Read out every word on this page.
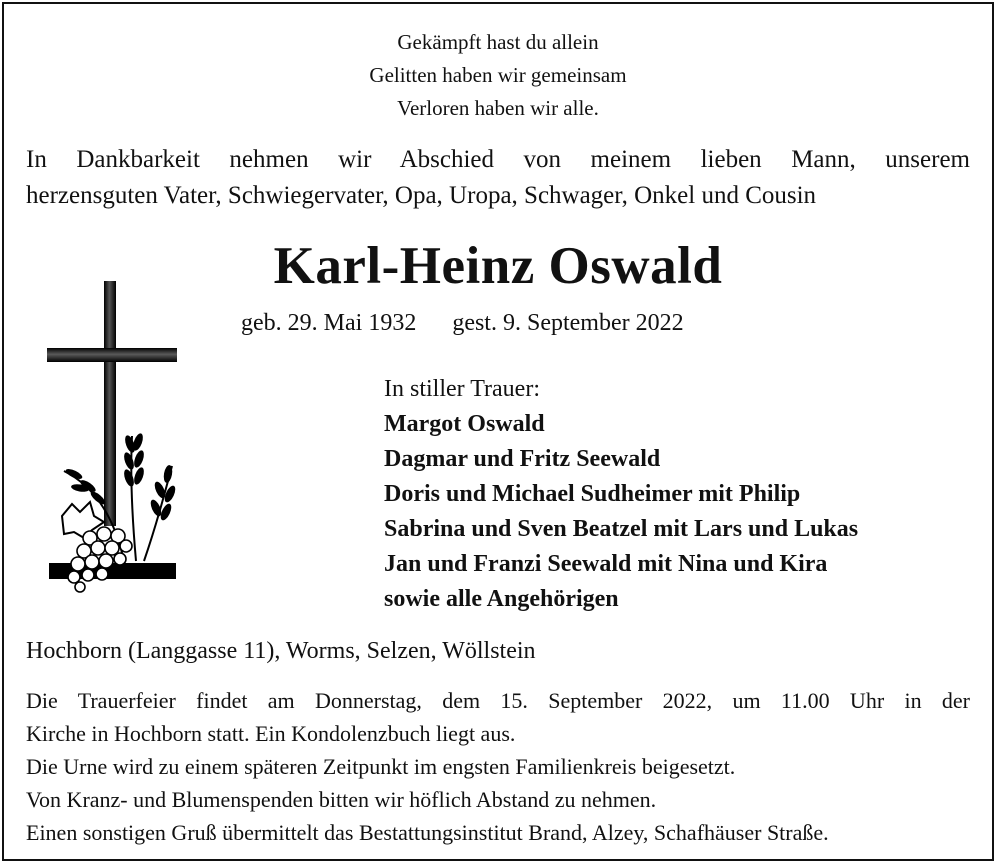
Gekämpft hast du allein
Gelitten haben wir gemeinsam
Verloren haben wir alle.
In Dankbarkeit nehmen wir Abschied von meinem lieben Mann, unserem
herzensguten Vater, Schwiegervater, Opa, Uropa, Schwager, Onkel und Cousin
Karl-Heinz Oswald
geb. 29. Mai 1932 gest. 9. September 2022
In stiller Trauer:
Margot Oswald
Dagmar und Fritz Seewald
Doris und Michael Sudheimer mit Philip
Sabrina und Sven Beatzel mit Lars und Lukas
Jan und Franzi Seewald mit Nina und Kira
sowie alle Angehörigen
Hochborn (Langgasse 11), Worms, Selzen, Wöllstein
Die Trauerfeier findet am Donnerstag, dem 15. September 2022, um 11.00 Uhr in der
Kirche in Hochborn statt. Ein Kondolenzbuch liegt aus.
Die Urne wird zu einem späteren Zeitpunkt im engsten Familienkreis beigesetzt.
Von Kranz- und Blumenspenden bitten wir höflich Abstand zu nehmen.
Einen sonstigen Gruß übermittelt das Bestattungsinstitut Brand, Alzey, Schafhäuser Straße.
